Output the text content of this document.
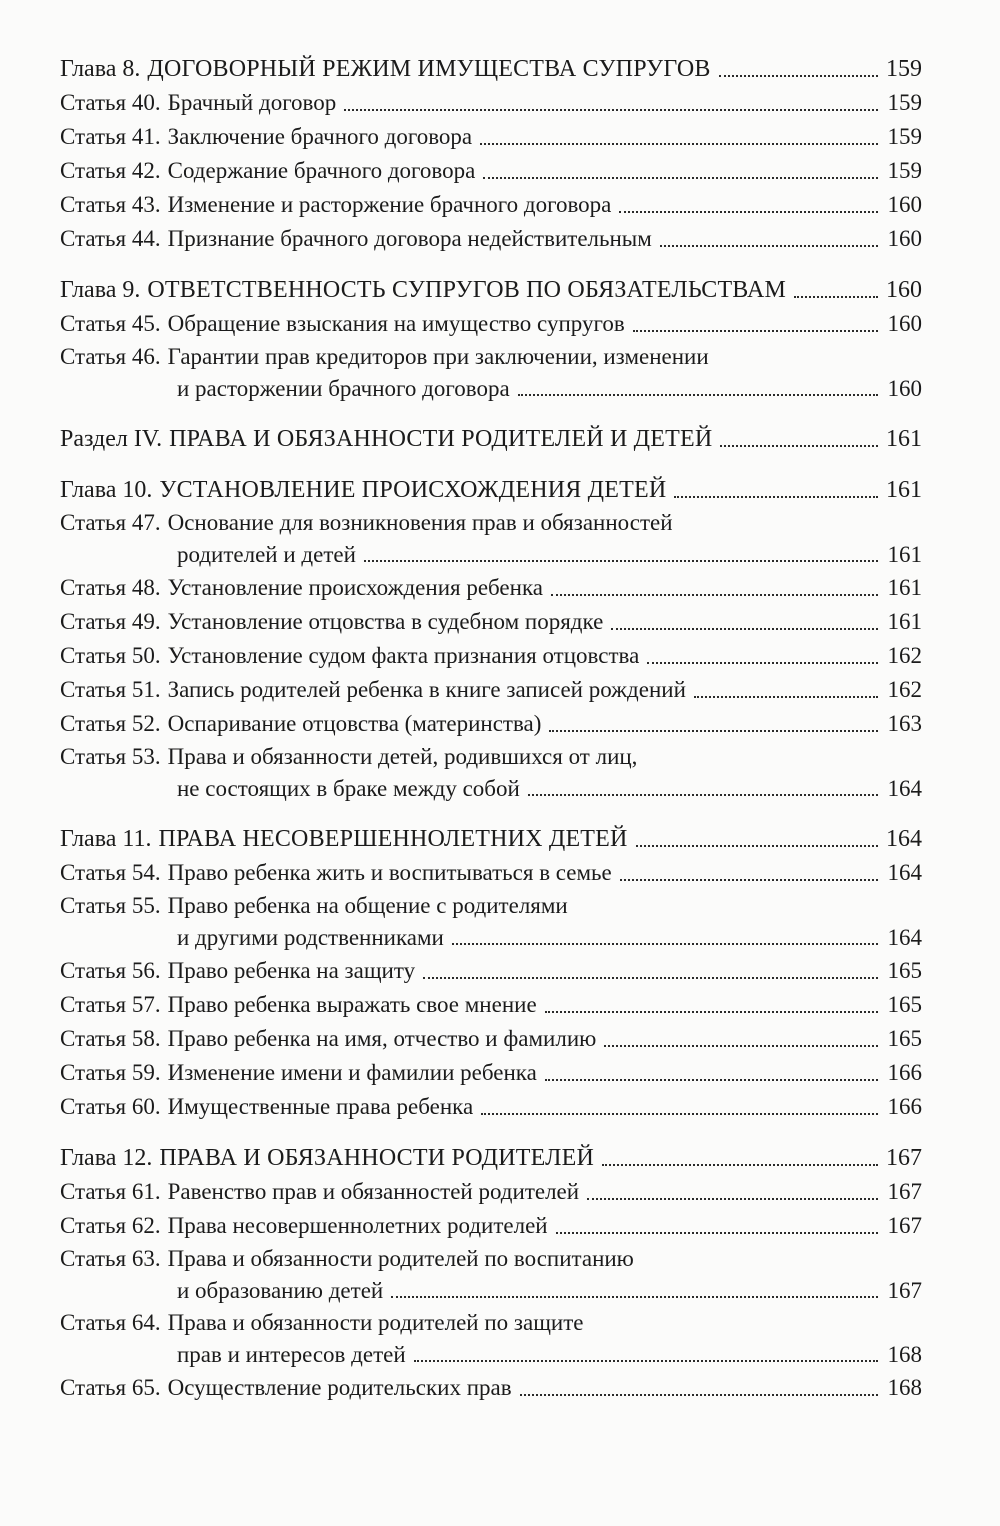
Глава 8. ДОГОВОРНЫЙ РЕЖИМ ИМУЩЕСТВА СУПРУГОВ	159
Статья 40. Брачный договор	159
Статья 41. Заключение брачного договора	159
Статья 42. Содержание брачного договора	159
Статья 43. Изменение и расторжение брачного договора	160
Статья 44. Признание брачного договора недействительным	160
Глава 9. ОТВЕТСТВЕННОСТЬ СУПРУГОВ ПО ОБЯЗАТЕЛЬСТВАМ	160
Статья 45. Обращение взыскания на имущество супругов	160
Статья 46. Гарантии прав кредиторов при заключении, изменении
и расторжении брачного договора	160
Раздел IV. ПРАВА И ОБЯЗАННОСТИ РОДИТЕЛЕЙ И ДЕТЕЙ	161
Глава 10. УСТАНОВЛЕНИЕ ПРОИСХОЖДЕНИЯ ДЕТЕЙ	161
Статья 47. Основание для возникновения прав и обязанностей
родителей и детей	161
Статья 48. Установление происхождения ребенка	161
Статья 49. Установление отцовства в судебном порядке	161
Статья 50. Установление судом факта признания отцовства	162
Статья 51. Запись родителей ребенка в книге записей рождений	162
Статья 52. Оспаривание отцовства (материнства)	163
Статья 53. Права и обязанности детей, родившихся от лиц,
не состоящих в браке между собой	164
Глава 11. ПРАВА НЕСОВЕРШЕННОЛЕТНИХ ДЕТЕЙ	164
Статья 54. Право ребенка жить и воспитываться в семье	164
Статья 55. Право ребенка на общение с родителями
и другими родственниками	164
Статья 56. Право ребенка на защиту	165
Статья 57. Право ребенка выражать свое мнение	165
Статья 58. Право ребенка на имя, отчество и фамилию	165
Статья 59. Изменение имени и фамилии ребенка	166
Статья 60. Имущественные права ребенка	166
Глава 12. ПРАВА И ОБЯЗАННОСТИ РОДИТЕЛЕЙ	167
Статья 61. Равенство прав и обязанностей родителей	167
Статья 62. Права несовершеннолетних родителей	167
Статья 63. Права и обязанности родителей по воспитанию
и образованию детей	167
Статья 64. Права и обязанности родителей по защите
прав и интересов детей	168
Статья 65. Осуществление родительских прав	168
